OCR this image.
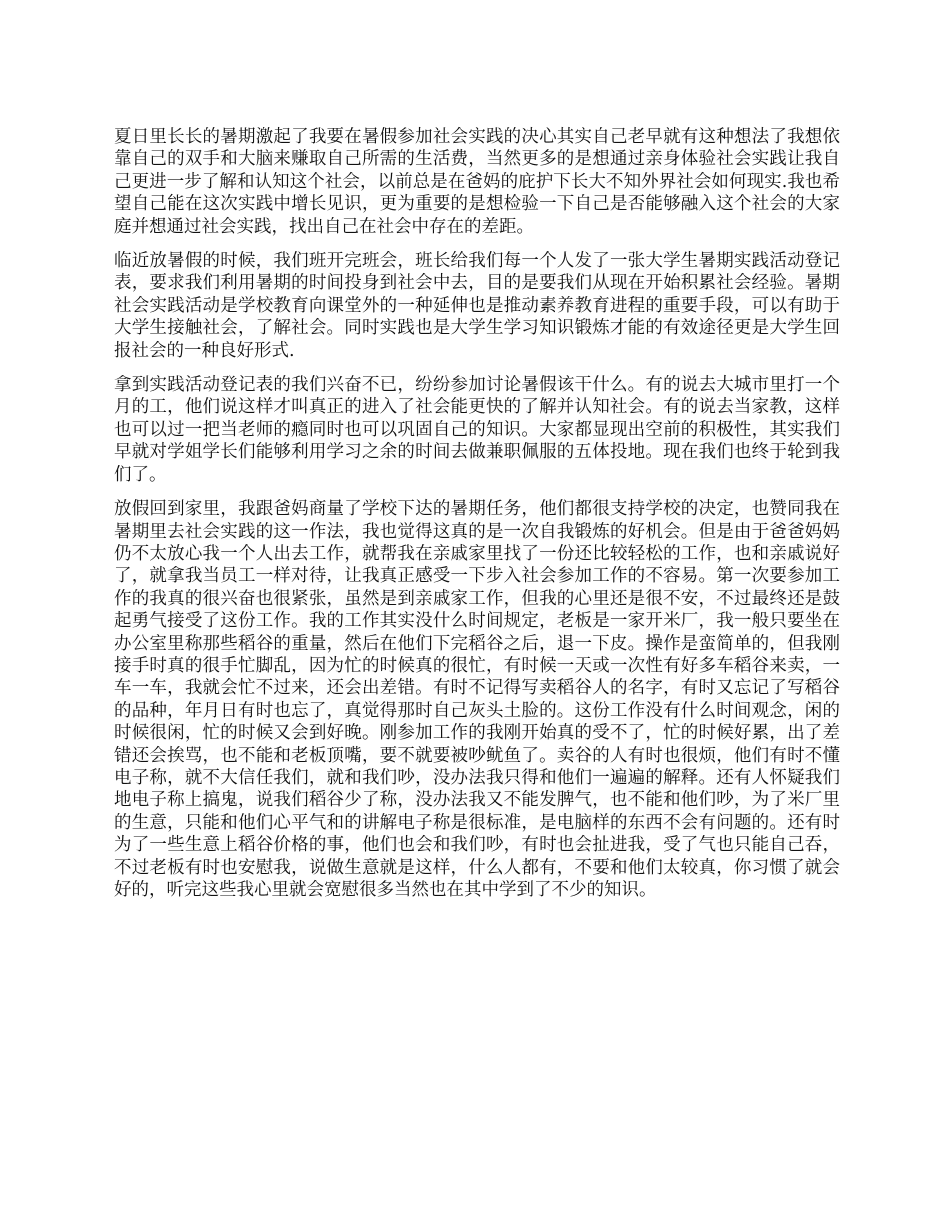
夏日里长长的暑期激起了我要在暑假参加社会实践的决心其实自己老早就有这种想法了我想依靠自己的双手和大脑来赚取自己所需的生活费，当然更多的是想通过亲身体验社会实践让我自己更进一步了解和认知这个社会，以前总是在爸妈的庇护下长大不知外界社会如何现实.我也希望自己能在这次实践中增长见识，更为重要的是想检验一下自己是否能够融入这个社会的大家庭并想通过社会实践，找出自己在社会中存在的差距。

临近放暑假的时候，我们班开完班会，班长给我们每一个人发了一张大学生暑期实践活动登记表，要求我们利用暑期的时间投身到社会中去，目的是要我们从现在开始积累社会经验。暑期社会实践活动是学校教育向课堂外的一种延伸也是推动素养教育进程的重要手段，可以有助于大学生接触社会，了解社会。同时实践也是大学生学习知识锻炼才能的有效途径更是大学生回报社会的一种良好形式.

拿到实践活动登记表的我们兴奋不已，纷纷参加讨论暑假该干什么。有的说去大城市里打一个月的工，他们说这样才叫真正的进入了社会能更快的了解并认知社会。有的说去当家教，这样也可以过一把当老师的瘾同时也可以巩固自己的知识。大家都显现出空前的积极性，其实我们早就对学姐学长们能够利用学习之余的时间去做兼职佩服的五体投地。现在我们也终于轮到我们了。

放假回到家里，我跟爸妈商量了学校下达的暑期任务，他们都很支持学校的决定，也赞同我在暑期里去社会实践的这一作法，我也觉得这真的是一次自我锻炼的好机会。但是由于爸爸妈妈仍不太放心我一个人出去工作，就帮我在亲戚家里找了一份还比较轻松的工作，也和亲戚说好了，就拿我当员工一样对待，让我真正感受一下步入社会参加工作的不容易。第一次要参加工作的我真的很兴奋也很紧张，虽然是到亲戚家工作，但我的心里还是很不安，不过最终还是鼓起勇气接受了这份工作。我的工作其实没什么时间规定，老板是一家开米厂，我一般只要坐在办公室里称那些稻谷的重量，然后在他们下完稻谷之后，退一下皮。操作是蛮简单的，但我刚接手时真的很手忙脚乱，因为忙的时候真的很忙，有时候一天或一次性有好多车稻谷来卖，一车一车，我就会忙不过来，还会出差错。有时不记得写卖稻谷人的名字，有时又忘记了写稻谷的品种，年月日有时也忘了，真觉得那时自己灰头土脸的。这份工作没有什么时间观念，闲的时候很闲，忙的时候又会到好晚。刚参加工作的我刚开始真的受不了，忙的时候好累，出了差错还会挨骂，也不能和老板顶嘴，要不就要被吵鱿鱼了。卖谷的人有时也很烦，他们有时不懂电子称，就不大信任我们，就和我们吵，没办法我只得和他们一遍遍的解释。还有人怀疑我们地电子称上搞鬼，说我们稻谷少了称，没办法我又不能发脾气，也不能和他们吵，为了米厂里的生意，只能和他们心平气和的讲解电子称是很标准，是电脑样的东西不会有问题的。还有时为了一些生意上稻谷价格的事，他们也会和我们吵，有时也会扯进我，受了气也只能自己吞，不过老板有时也安慰我，说做生意就是这样，什么人都有，不要和他们太较真，你习惯了就会好的，听完这些我心里就会宽慰很多当然也在其中学到了不少的知识。
